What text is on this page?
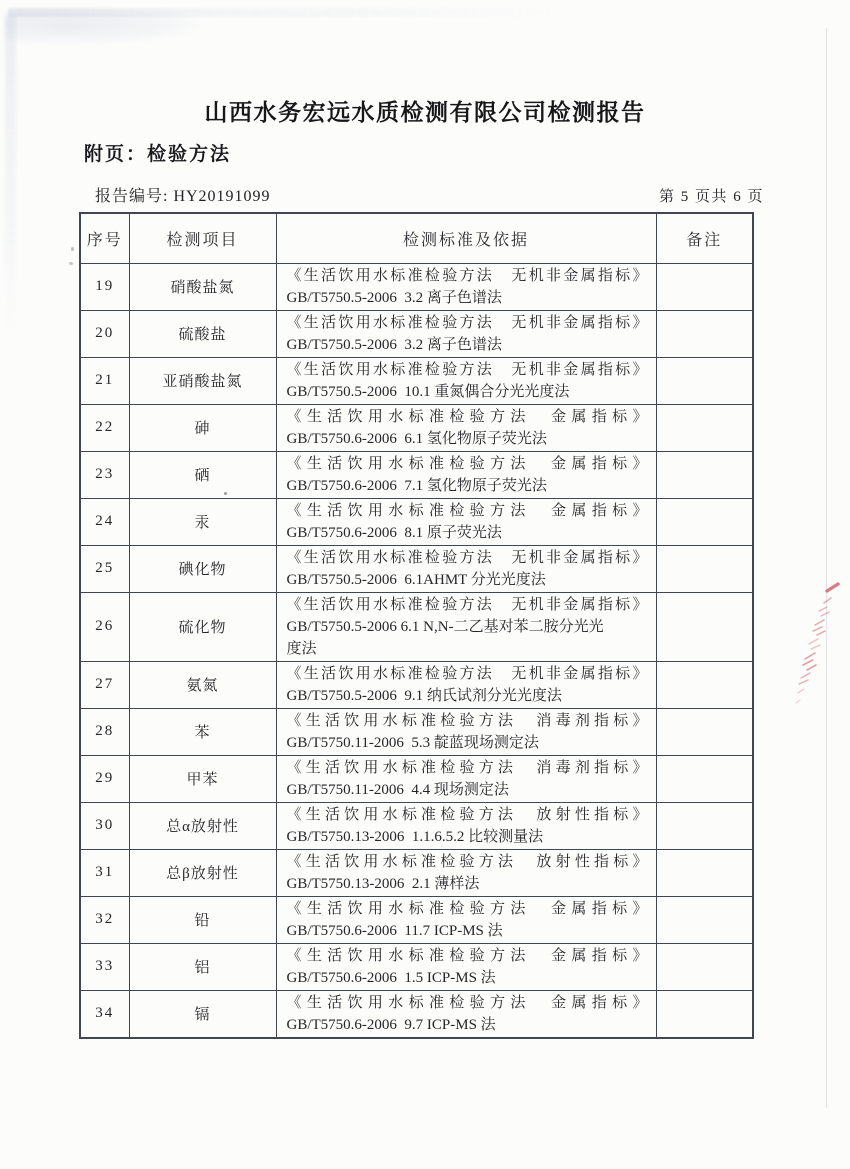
山西水务宏远水质检测有限公司检测报告
附页：检验方法
报告编号: HY20191099	第 5 页共 6 页
序号	检测项目	检测标准及依据	备注
19	硝酸盐氮	《生活饮用水标准检验方法　无机非金属指标》
GB/T5750.5-2006  3.2 离子色谱法	

20	硫酸盐	《生活饮用水标准检验方法　无机非金属指标》
GB/T5750.5-2006  3.2 离子色谱法	

21	亚硝酸盐氮	《生活饮用水标准检验方法　无机非金属指标》
GB/T5750.5-2006  10.1 重氮偶合分光光度法	

22	砷	《生活饮用水标准检验方法　金属指标》
GB/T5750.6-2006  6.1 氢化物原子荧光法	

23	硒	《生活饮用水标准检验方法　金属指标》
GB/T5750.6-2006  7.1 氢化物原子荧光法	

24	汞	《生活饮用水标准检验方法　金属指标》
GB/T5750.6-2006  8.1 原子荧光法	

25	碘化物	《生活饮用水标准检验方法　无机非金属指标》
GB/T5750.5-2006  6.1AHMT 分光光度法	

26	硫化物	《生活饮用水标准检验方法　无机非金属指标》
GB/T5750.5-2006 6.1 N,N-二乙基对苯二胺分光光
度法	

27	氨氮	《生活饮用水标准检验方法　无机非金属指标》
GB/T5750.5-2006  9.1 纳氏试剂分光光度法	

28	苯	《生活饮用水标准检验方法　消毒剂指标》
GB/T5750.11-2006  5.3 靛蓝现场测定法	

29	甲苯	《生活饮用水标准检验方法　消毒剂指标》
GB/T5750.11-2006  4.4 现场测定法	

30	总α放射性	《生活饮用水标准检验方法　放射性指标》
GB/T5750.13-2006  1.1.6.5.2 比较测量法	

31	总β放射性	《生活饮用水标准检验方法　放射性指标》
GB/T5750.13-2006  2.1 薄样法	

32	铅	《生活饮用水标准检验方法　金属指标》
GB/T5750.6-2006  11.7 ICP-MS 法	

33	铝	《生活饮用水标准检验方法　金属指标》
GB/T5750.6-2006  1.5 ICP-MS 法	

34	镉	《生活饮用水标准检验方法　金属指标》
GB/T5750.6-2006  9.7 ICP-MS 法	
